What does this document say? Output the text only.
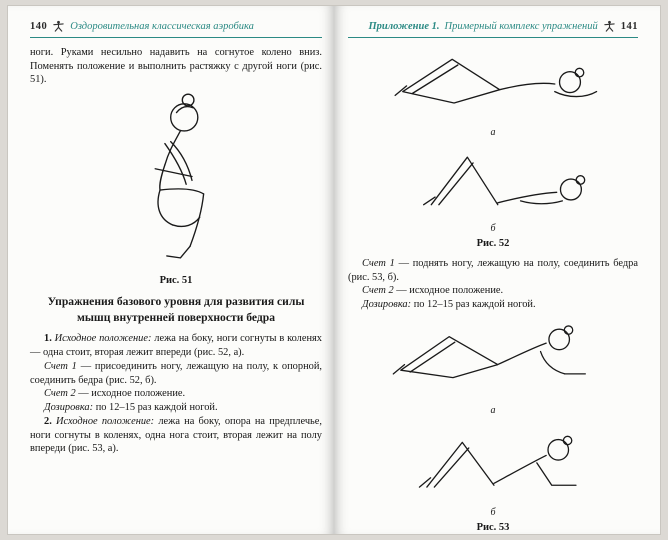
140 Оздоровительная классическая аэробика

ноги. Руками несильно надавить на согнутое колено вниз. Поменять положение и выполнить растяжку с другой ноги (рис. 51).

Рис. 51
Упражнения базового уровня для развития силы мышц внутренней поверхности бедра

1. Исходное положение: лежа на боку, ноги согнуты в коленях — одна стоит, вторая лежит впереди (рис. 52, а).

Счет 1 — присоединить ногу, лежащую на полу, к опорной, соединить бедра (рис. 52, б).

Счет 2 — исходное положение.

Дозировка: по 12–15 раз каждой ногой.

2. Исходное положение: лежа на боку, опора на предплечье, ноги согнуты в коленях, одна нога стоит, вторая лежит на полу впереди (рис. 53, а).

Приложение 1. Примерный комплекс упражнений 141
а
б
Рис. 52

Счет 1 — поднять ногу, лежащую на полу, соединить бедра (рис. 53, б).

Счет 2 — исходное положение.

Дозировка: по 12–15 раз каждой ногой.

а
б
Рис. 53
